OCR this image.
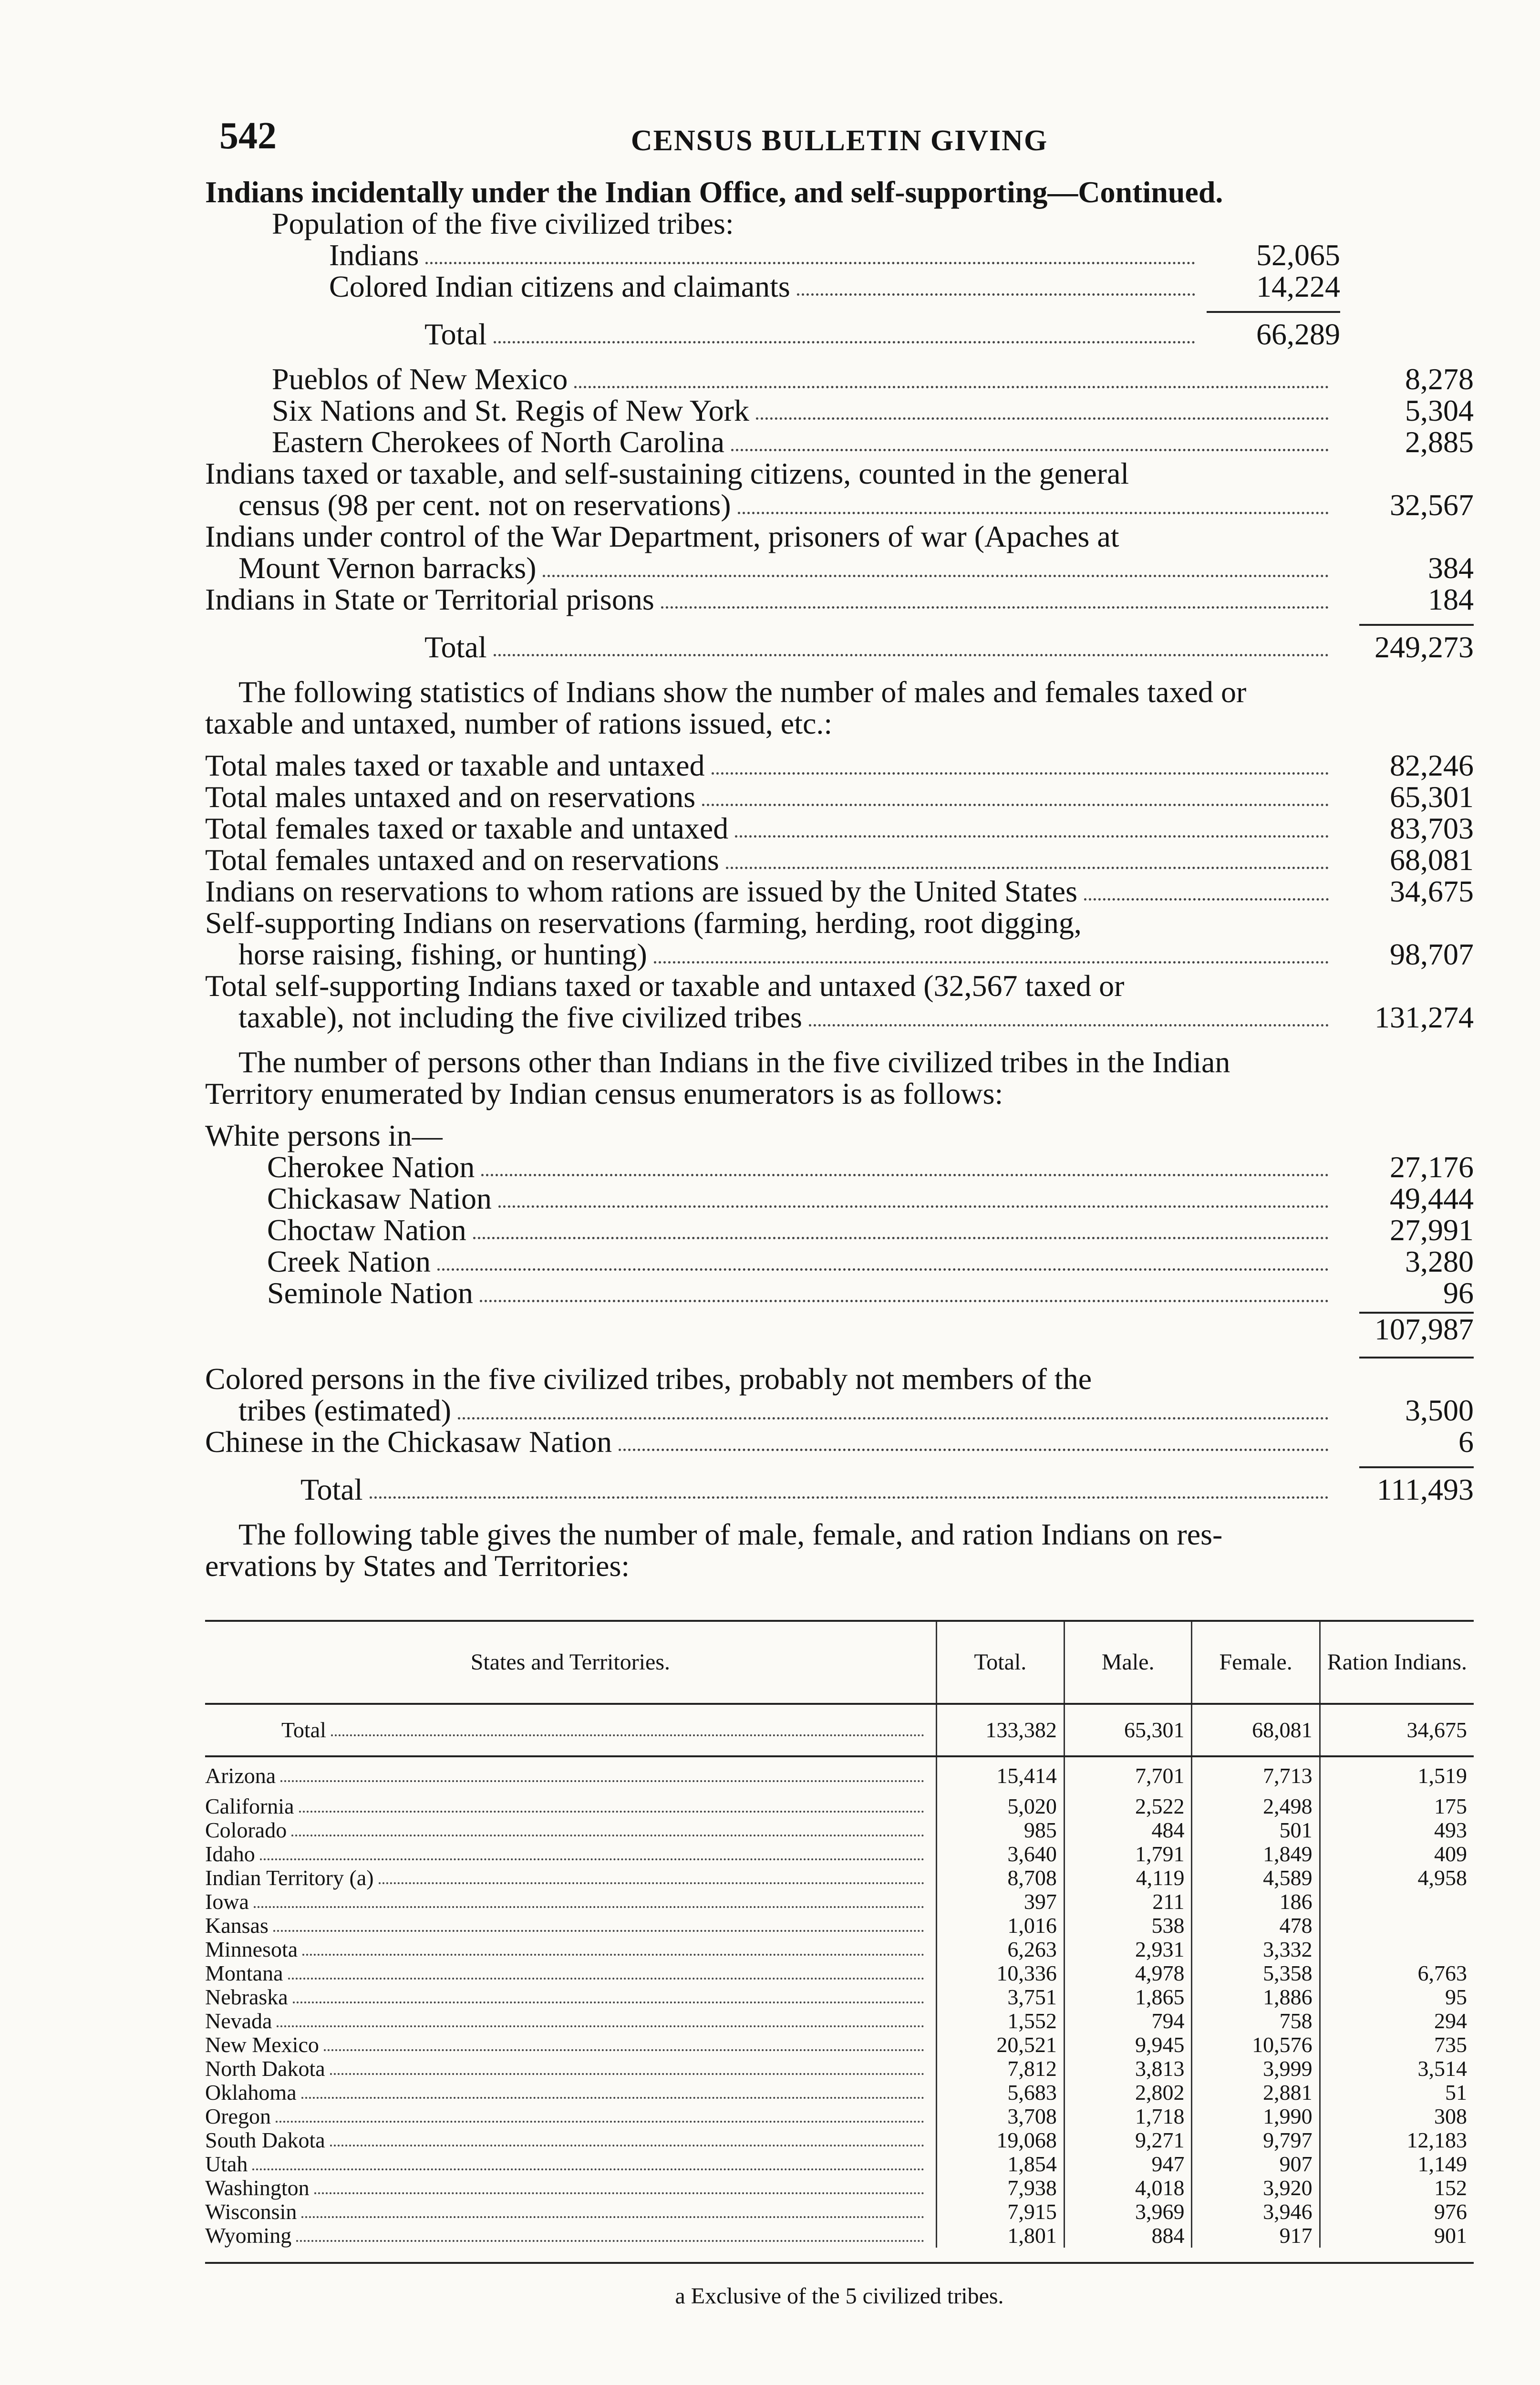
542	CENSUS BULLETIN GIVING
Indians incidentally under the Indian Office, and self-supporting—Continued.
Population of the five civilized tribes:
Indians	52,065
Colored Indian citizens and claimants	14,224
Total	66,289
Pueblos of New Mexico	8,278
Six Nations and St. Regis of New York	5,304
Eastern Cherokees of North Carolina	2,885
Indians taxed or taxable, and self-sustaining citizens, counted in the general
census (98 per cent. not on reservations)	32,567
Indians under control of the War Department, prisoners of war (Apaches at
Mount Vernon barracks)	384
Indians in State or Territorial prisons	184
Total	249,273
The following statistics of Indians show the number of males and females taxed or
taxable and untaxed, number of rations issued, etc.:
Total males taxed or taxable and untaxed	82,246
Total males untaxed and on reservations	65,301
Total females taxed or taxable and untaxed	83,703
Total females untaxed and on reservations	68,081
Indians on reservations to whom rations are issued by the United States	34,675
Self-supporting Indians on reservations (farming, herding, root digging,
horse raising, fishing, or hunting)	98,707
Total self-supporting Indians taxed or taxable and untaxed (32,567 taxed or
taxable), not including the five civilized tribes	131,274
The number of persons other than Indians in the five civilized tribes in the Indian
Territory enumerated by Indian census enumerators is as follows:
White persons in—
Cherokee Nation	27,176
Chickasaw Nation	49,444
Choctaw Nation	27,991
Creek Nation	3,280
Seminole Nation	96
107,987
Colored persons in the five civilized tribes, probably not members of the
tribes (estimated)	3,500
Chinese in the Chickasaw Nation	6
Total	111,493
The following table gives the number of male, female, and ration Indians on res-
ervations by States and Territories:
States and Territories.	Total.	Male.	Female.	Ration Indians.

Total	133,382	65,301	68,081	34,675

Arizona	15,414	7,701	7,713	1,519

California	5,020	2,522	2,498	175

Colorado	985	484	501	493

Idaho	3,640	1,791	1,849	409

Indian Territory (a)	8,708	4,119	4,589	4,958

Iowa	397	211	186	

Kansas	1,016	538	478	

Minnesota	6,263	2,931	3,332	

Montana	10,336	4,978	5,358	6,763

Nebraska	3,751	1,865	1,886	95

Nevada	1,552	794	758	294

New Mexico	20,521	9,945	10,576	735

North Dakota	7,812	3,813	3,999	3,514

Oklahoma	5,683	2,802	2,881	51

Oregon	3,708	1,718	1,990	308

South Dakota	19,068	9,271	9,797	12,183

Utah	1,854	947	907	1,149

Washington	7,938	4,018	3,920	152

Wisconsin	7,915	3,969	3,946	976

Wyoming	1,801	884	917	901
a Exclusive of the 5 civilized tribes.
